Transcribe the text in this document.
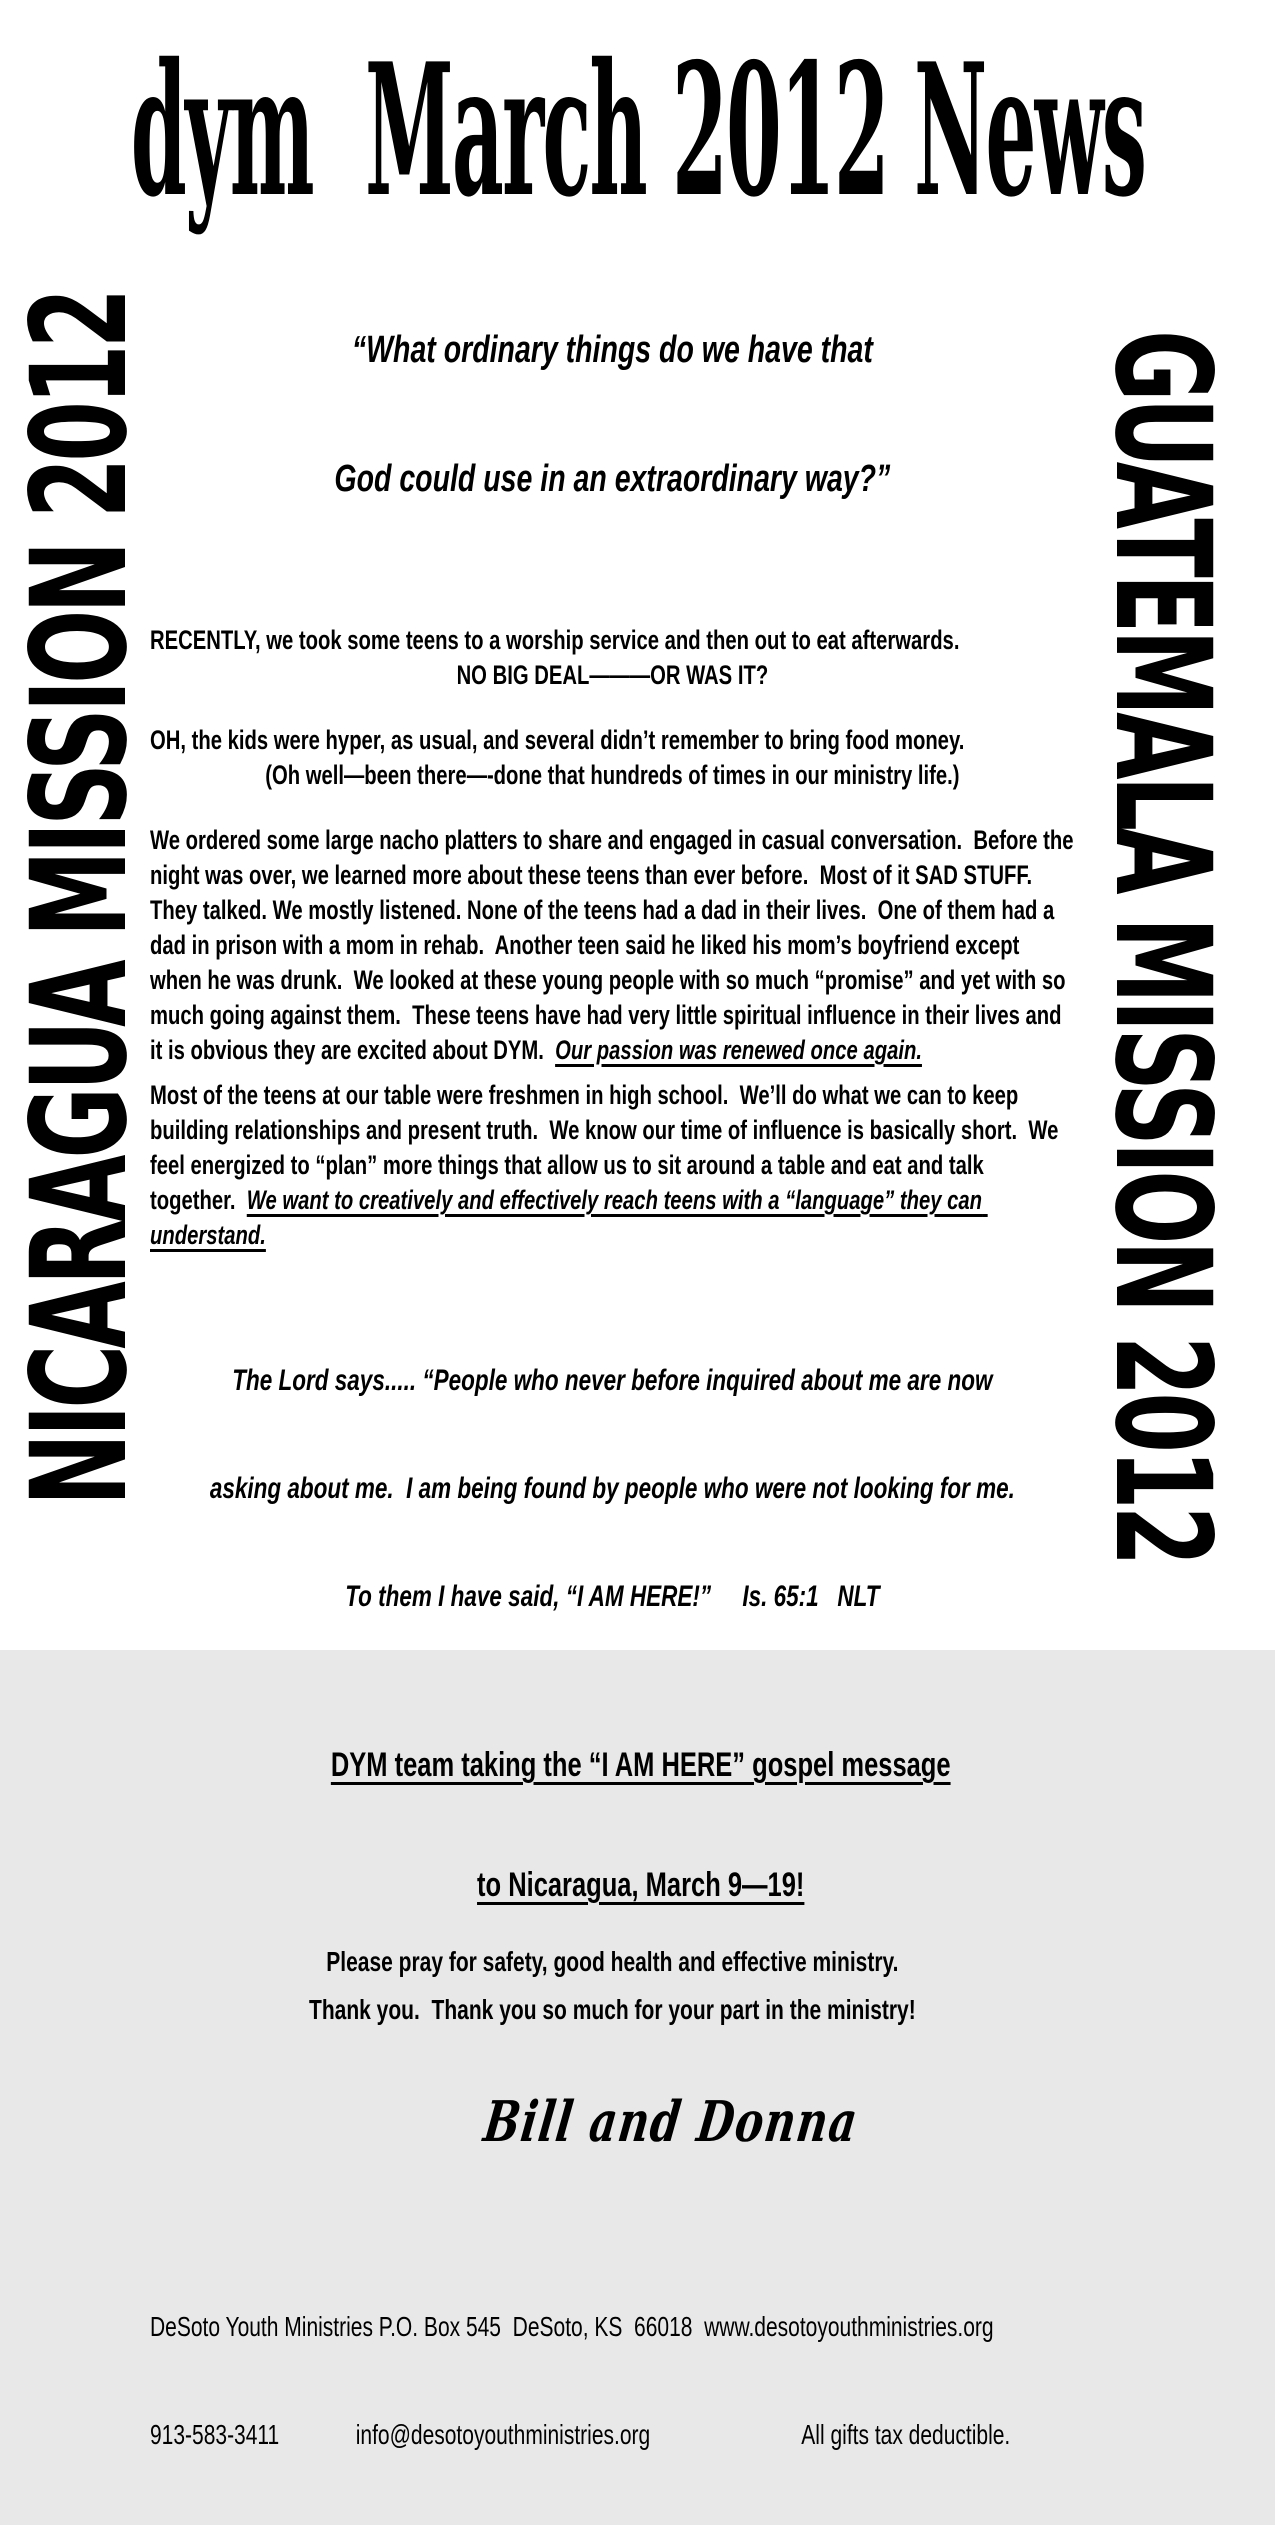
dym  March 2012 News
NICARAGUA MISSION 2012	GUATEMALA MISSION 2012

“What ordinary things do we have that

God could use in an extraordinary way?”

RECENTLY, we took some teens to a worship service and then out to eat afterwards.
NO BIG DEAL———OR WAS IT?
OH, the kids were hyper, as usual, and several didn’t remember to bring food money.
(Oh well—been there—-done that hundreds of times in our ministry life.)
We ordered some large nacho platters to share and engaged in casual conversation.  Before the night was over, we learned more about these teens than ever before.  Most of it SAD STUFF.  They talked. We mostly listened. None of the teens had a dad in their lives.  One of them had a dad in prison with a mom in rehab.  Another teen said he liked his mom’s boyfriend except when he was drunk.  We looked at these young people with so much “promise” and yet with so much going against them.  These teens have had very little spiritual influence in their lives and it is obvious they are excited about DYM.  Our passion was renewed once again.
Most of the teens at our table were freshmen in high school.  We’ll do what we can to keep building relationships and present truth.  We know our time of influence is basically short.  We feel energized to “plan” more things that allow us to sit around a table and eat and talk together.  We want to creatively and effectively reach teens with a “language” they can understand.

The Lord says..... “People who never before inquired about me are now

asking about me.  I am being found by people who were not looking for me.

To them I have said, “I AM HERE!”     Is. 65:1   NLT

DYM team taking the “I AM HERE” gospel message

to Nicaragua, March 9—19!

Please pray for safety, good health and effective ministry.
Thank you.  Thank you so much for your part in the ministry!

Bill and Donna

DeSoto Youth Ministries P.O. Box 545  DeSoto, KS  66018  www.desotoyouthministries.org

913-583-3411	info@desotoyouthministries.org	All gifts tax deductible.
